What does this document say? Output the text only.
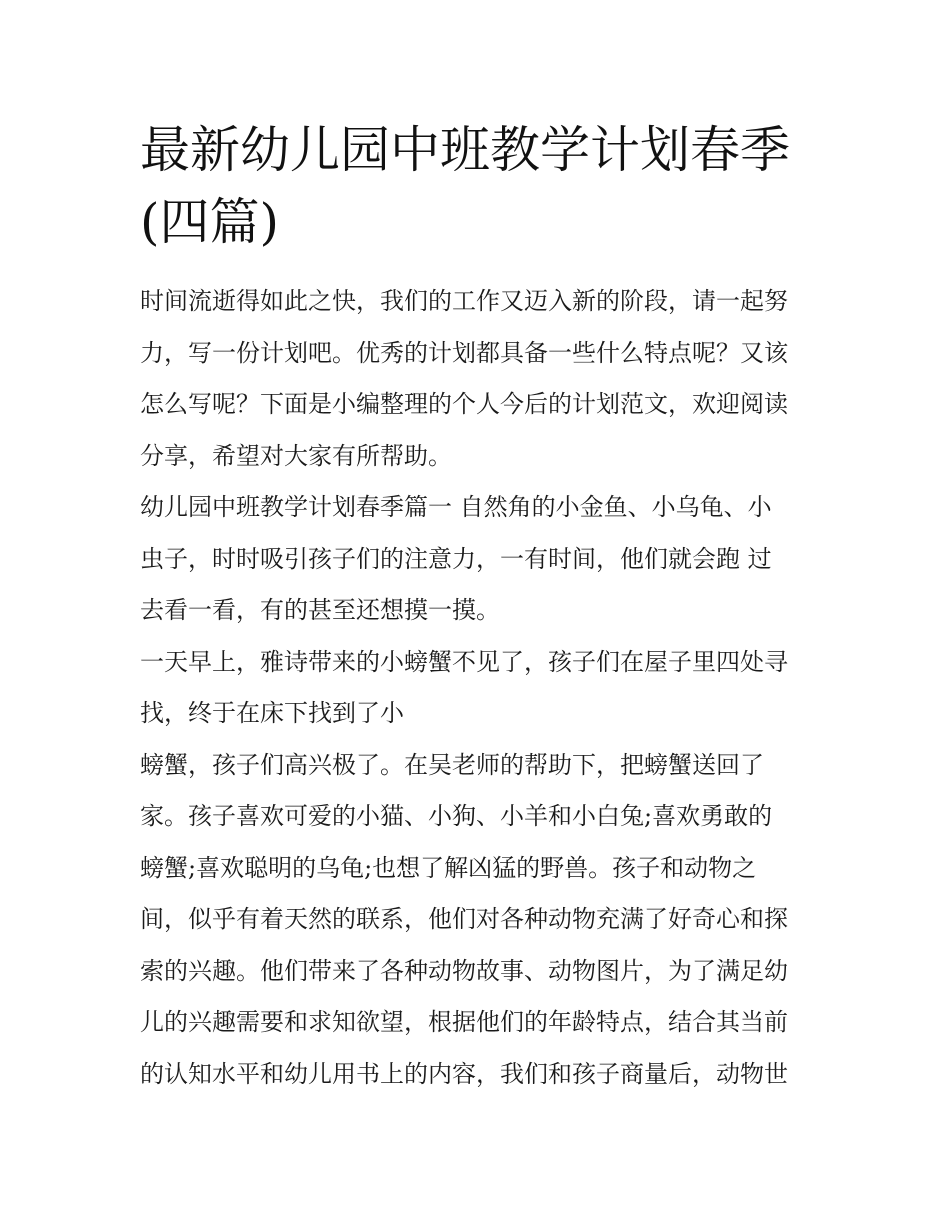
最新幼儿园中班教学计划春季
(四篇)
时间流逝得如此之快，我们的工作又迈入新的阶段，请一起努
力，写一份计划吧。优秀的计划都具备一些什么特点呢？又该
怎么写呢？下面是小编整理的个人今后的计划范文，欢迎阅读
分享，希望对大家有所帮助。
幼儿园中班教学计划春季篇一 自然角的小金鱼、小乌龟、小
虫子，时时吸引孩子们的注意力，一有时间，他们就会跑 过
去看一看，有的甚至还想摸一摸。
一天早上，雅诗带来的小螃蟹不见了，孩子们在屋子里四处寻
找，终于在床下找到了小
螃蟹，孩子们高兴极了。在吴老师的帮助下，把螃蟹送回了
家。孩子喜欢可爱的小猫、小狗、小羊和小白兔;喜欢勇敢的
螃蟹;喜欢聪明的乌龟;也想了解凶猛的野兽。孩子和动物之
间，似乎有着天然的联系，他们对各种动物充满了好奇心和探
索的兴趣。他们带来了各种动物故事、动物图片，为了满足幼
儿的兴趣需要和求知欲望，根据他们的年龄特点，结合其当前
的认知水平和幼儿用书上的内容，我们和孩子商量后，动物世
